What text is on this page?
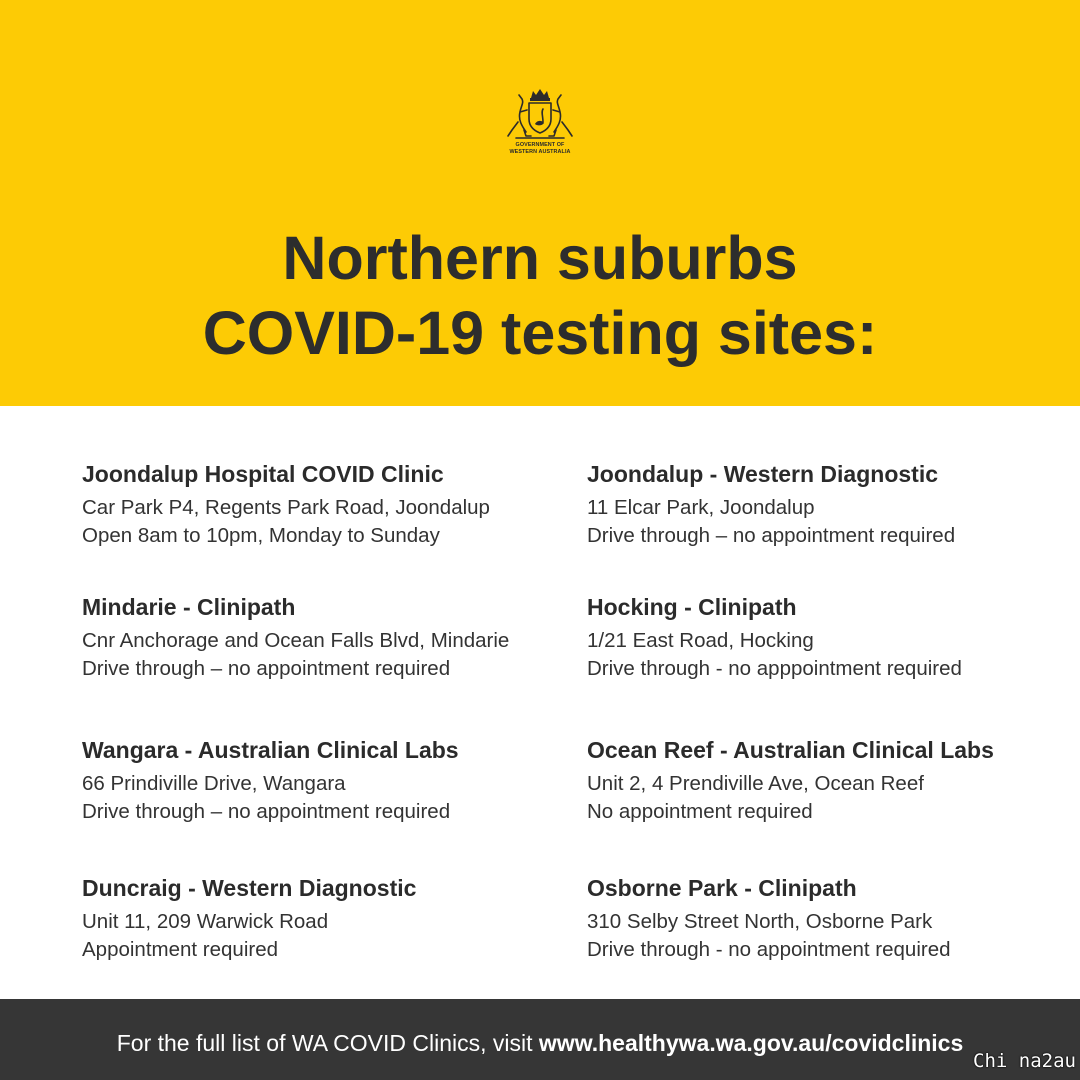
GOVERNMENT OF
WESTERN AUSTRALIA
Northern suburbs
COVID-19 testing sites:
Joondalup Hospital COVID Clinic
Car Park P4, Regents Park Road, Joondalup
Open 8am to 10pm, Monday to Sunday
Joondalup - Western Diagnostic
11 Elcar Park, Joondalup
Drive through – no appointment required
Mindarie - Clinipath
Cnr Anchorage and Ocean Falls Blvd, Mindarie
Drive through – no appointment required
Hocking - Clinipath
1/21 East Road, Hocking
Drive through - no apppointment required
Wangara - Australian Clinical Labs
66 Prindiville Drive, Wangara
Drive through – no appointment required
Ocean Reef - Australian Clinical Labs
Unit 2, 4 Prendiville Ave, Ocean Reef
No appointment required
Duncraig - Western Diagnostic
Unit 11, 209 Warwick Road
Appointment required
Osborne Park - Clinipath
310 Selby Street North, Osborne Park
Drive through - no appointment required
For the full list of WA COVID Clinics, visit www.healthywa.wa.gov.au/covidclinics
Chi na2au
